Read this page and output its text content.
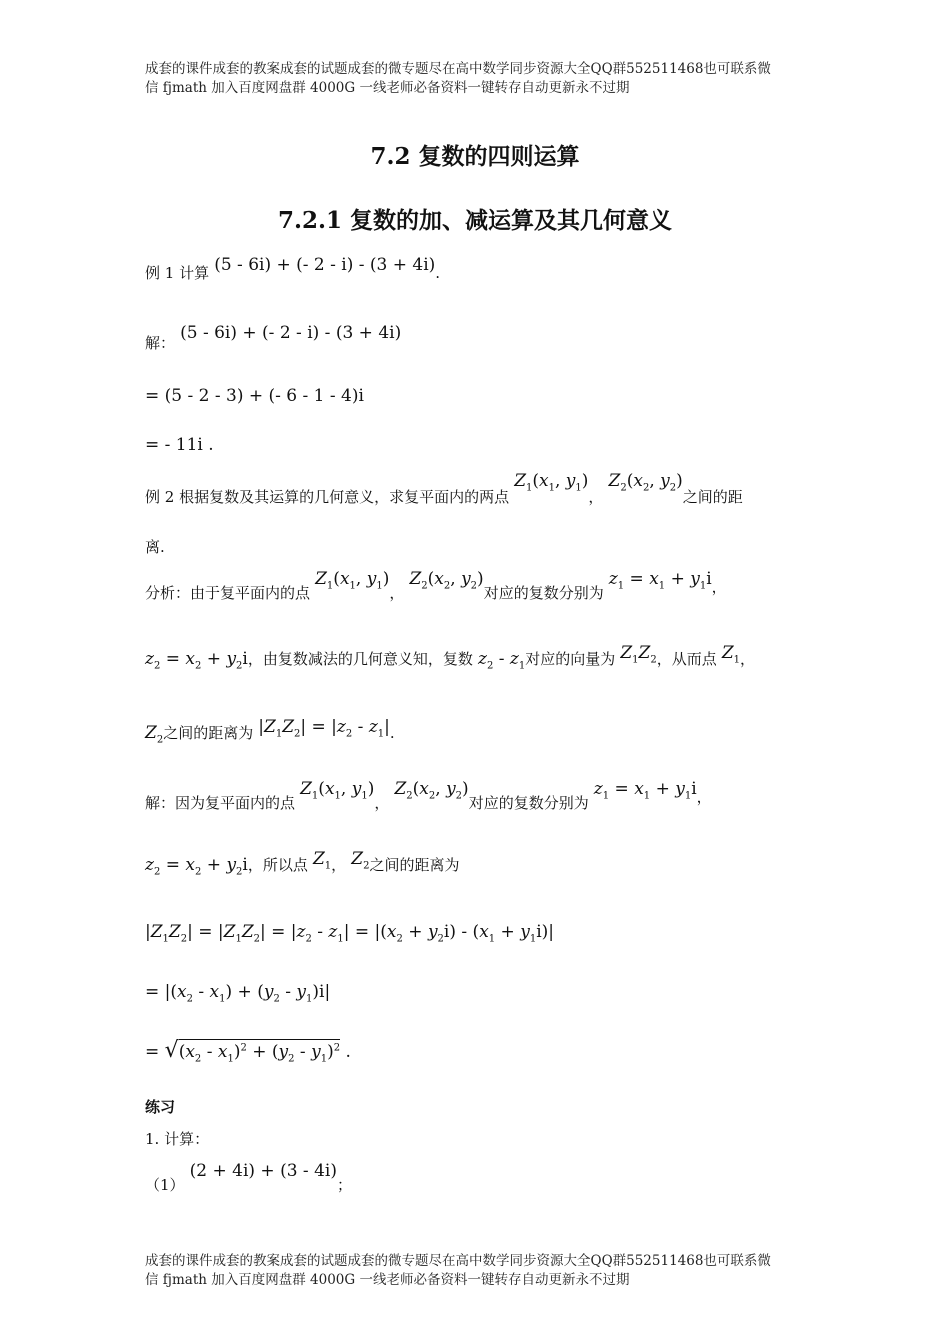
成套的课件成套的教案成套的试题成套的微专题尽在高中数学同步资源大全QQ群552511468也可联系微
信 fjmath 加入百度网盘群 4000G 一线老师必备资料一键转存自动更新永不过期
7.2 复数的四则运算
7.2.1 复数的加、减运算及其几何意义
例 1 计算 (5 - 6i) + (- 2 - i) - (3 + 4i).
解： (5 - 6i) + (- 2 - i) - (3 + 4i)
= (5 - 2 - 3) + (- 6 - 1 - 4)i
= - 11i .
例 2 根据复数及其运算的几何意义，求复平面内的两点 $Z_1(x_1$, $y_1$)， $Z_2(x_2$, $y_2$)之间的距
离.
分析：由于复平面内的点 $Z_1(x_1$, $y_1$)， $Z_2(x_2$, $y_2$)对应的复数分别为 $z_1 = x_1 + y_1i$，
$z_2 = x_2 + y_2i$，由复数减法的几何意义知，复数 $z_2 - z_1$对应的向量为 $Z_1Z_2$，从而点 $Z_1$，
$Z_2$之间的距离为 $|Z_1Z_2| = |z_2 - z_1|$.
解：因为复平面内的点 $Z_1(x_1$, $y_1$)， $Z_2(x_2$, $y_2$)对应的复数分别为 $z_1 = x_1 + y_1i$，
$z_2 = x_2 + y_2i$，所以点 $Z_1$， $Z_2$之间的距离为
$|Z_1Z_2| = |Z_1Z_2| = |z_2 - z_1| = |(x_2 + y_2i) - (x_1 + y_1i)|$
= $|(x_2 - x_1) + (y_2 - y_1)i|$
= $√(x_2 - x_1)^2 + (y_2 - y_1)^2$ .
练习
1. 计算：
（1） (2 + 4i) + (3 - 4i)；
成套的课件成套的教案成套的试题成套的微专题尽在高中数学同步资源大全QQ群552511468也可联系微
信 fjmath 加入百度网盘群 4000G 一线老师必备资料一键转存自动更新永不过期
